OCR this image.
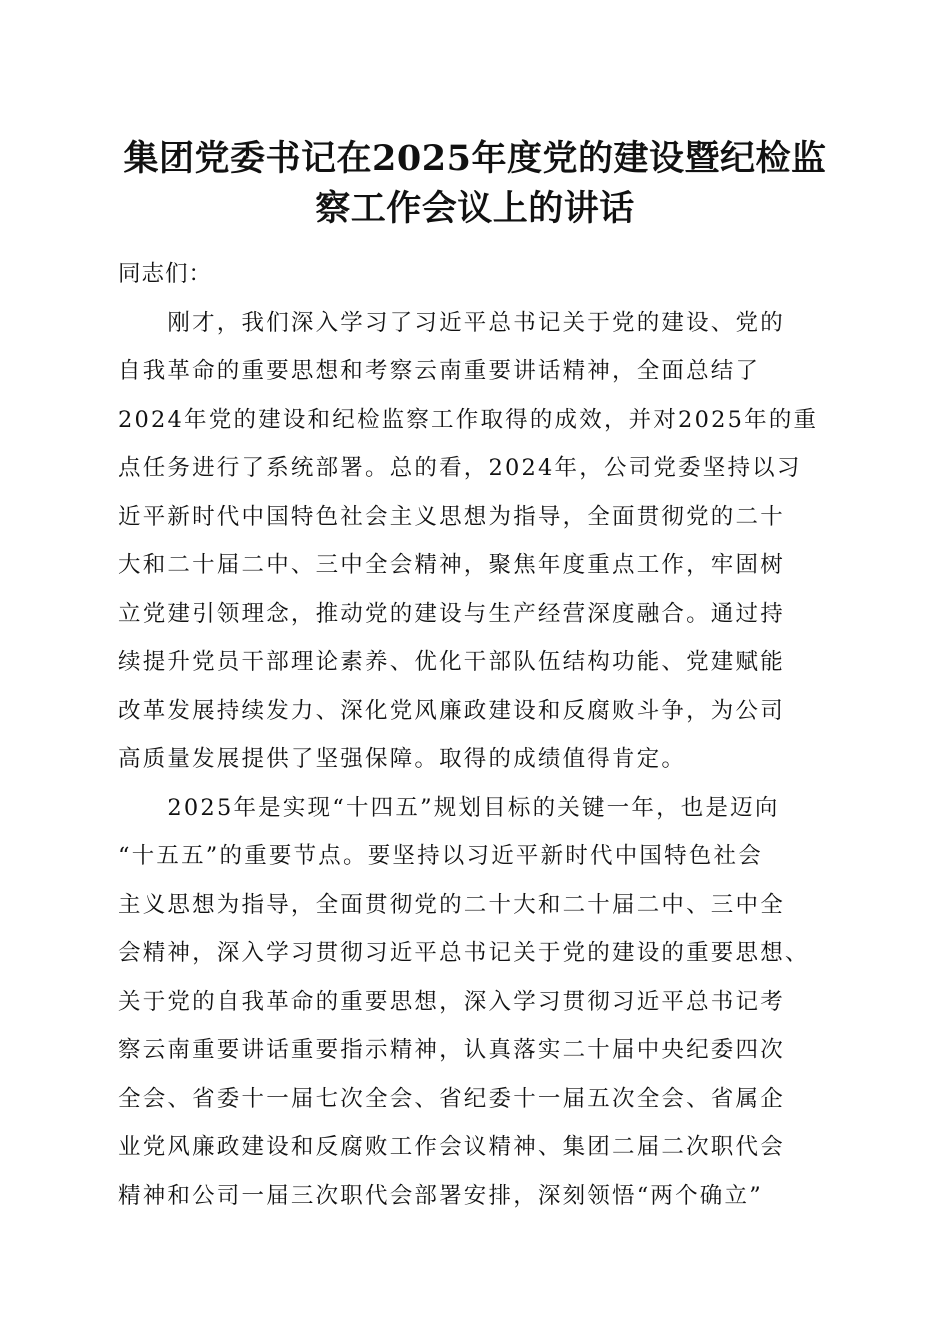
集团党委书记在2025年度党的建设暨纪检监
察工作会议上的讲话
同志们：
　　刚才，我们深入学习了习近平总书记关于党的建设、党的
自我革命的重要思想和考察云南重要讲话精神，全面总结了
2024年党的建设和纪检监察工作取得的成效，并对2025年的重
点任务进行了系统部署。总的看，2024年，公司党委坚持以习
近平新时代中国特色社会主义思想为指导，全面贯彻党的二十
大和二十届二中、三中全会精神，聚焦年度重点工作，牢固树
立党建引领理念，推动党的建设与生产经营深度融合。通过持
续提升党员干部理论素养、优化干部队伍结构功能、党建赋能
改革发展持续发力、深化党风廉政建设和反腐败斗争，为公司
高质量发展提供了坚强保障。取得的成绩值得肯定。
　　2025年是实现“十四五”规划目标的关键一年，也是迈向
“十五五”的重要节点。要坚持以习近平新时代中国特色社会
主义思想为指导，全面贯彻党的二十大和二十届二中、三中全
会精神，深入学习贯彻习近平总书记关于党的建设的重要思想、
关于党的自我革命的重要思想，深入学习贯彻习近平总书记考
察云南重要讲话重要指示精神，认真落实二十届中央纪委四次
全会、省委十一届七次全会、省纪委十一届五次全会、省属企
业党风廉政建设和反腐败工作会议精神、集团二届二次职代会
精神和公司一届三次职代会部署安排，深刻领悟“两个确立”
